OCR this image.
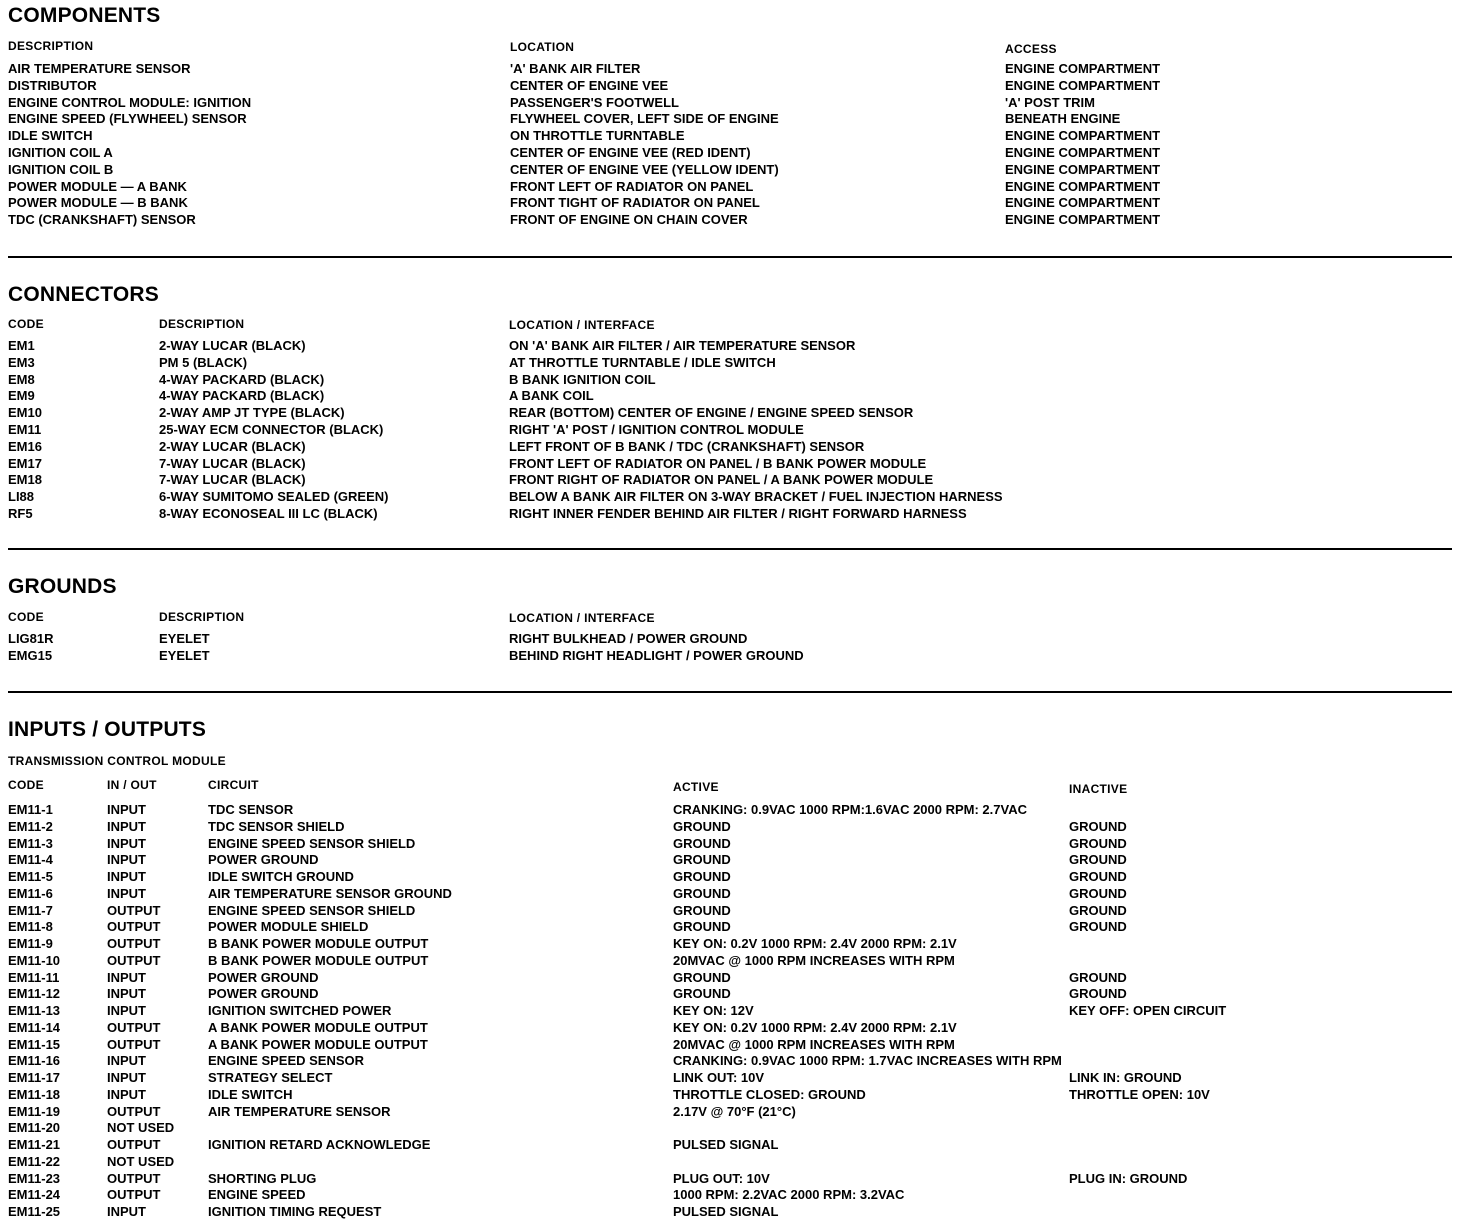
COMPONENTS
DESCRIPTION	LOCATION	ACCESS
AIR TEMPERATURE SENSOR	'A' BANK AIR FILTER	ENGINE COMPARTMENT
DISTRIBUTOR	CENTER OF ENGINE VEE	ENGINE COMPARTMENT
ENGINE CONTROL MODULE: IGNITION	PASSENGER'S FOOTWELL	'A' POST TRIM
ENGINE SPEED (FLYWHEEL) SENSOR	FLYWHEEL COVER, LEFT SIDE OF ENGINE	BENEATH ENGINE
IDLE SWITCH	ON THROTTLE TURNTABLE	ENGINE COMPARTMENT
IGNITION COIL A	CENTER OF ENGINE VEE (RED IDENT)	ENGINE COMPARTMENT
IGNITION COIL B	CENTER OF ENGINE VEE (YELLOW IDENT)	ENGINE COMPARTMENT
POWER MODULE — A BANK	FRONT LEFT OF RADIATOR ON PANEL	ENGINE COMPARTMENT
POWER MODULE — B BANK	FRONT TIGHT OF RADIATOR ON PANEL	ENGINE COMPARTMENT
TDC (CRANKSHAFT) SENSOR	FRONT OF ENGINE ON CHAIN COVER	ENGINE COMPARTMENT
CONNECTORS
CODE	DESCRIPTION	LOCATION / INTERFACE
EM1	2-WAY LUCAR (BLACK)	ON 'A' BANK AIR FILTER / AIR TEMPERATURE SENSOR
EM3	PM 5 (BLACK)	AT THROTTLE TURNTABLE / IDLE SWITCH
EM8	4-WAY PACKARD (BLACK)	B BANK IGNITION COIL
EM9	4-WAY PACKARD (BLACK)	A BANK COIL
EM10	2-WAY AMP JT TYPE (BLACK)	REAR (BOTTOM) CENTER OF ENGINE / ENGINE SPEED SENSOR
EM11	25-WAY ECM CONNECTOR (BLACK)	RIGHT 'A' POST / IGNITION CONTROL MODULE
EM16	2-WAY LUCAR (BLACK)	LEFT FRONT OF B BANK / TDC (CRANKSHAFT) SENSOR
EM17	7-WAY LUCAR (BLACK)	FRONT LEFT OF RADIATOR ON PANEL / B BANK POWER MODULE
EM18	7-WAY LUCAR (BLACK)	FRONT RIGHT OF RADIATOR ON PANEL / A BANK POWER MODULE
LI88	6-WAY SUMITOMO SEALED (GREEN)	BELOW A BANK AIR FILTER ON 3-WAY BRACKET / FUEL INJECTION HARNESS
RF5	8-WAY ECONOSEAL III LC (BLACK)	RIGHT INNER FENDER BEHIND AIR FILTER / RIGHT FORWARD HARNESS
GROUNDS
CODE	DESCRIPTION	LOCATION / INTERFACE
LIG81R	EYELET	RIGHT BULKHEAD / POWER GROUND
EMG15	EYELET	BEHIND RIGHT HEADLIGHT / POWER GROUND
INPUTS / OUTPUTS
TRANSMISSION CONTROL MODULE
CODE	IN / OUT	CIRCUIT	ACTIVE	INACTIVE
EM11-1	INPUT	TDC SENSOR	CRANKING: 0.9VAC 1000 RPM:1.6VAC 2000 RPM: 2.7VAC
EM11-2	INPUT	TDC SENSOR SHIELD	GROUND	GROUND
EM11-3	INPUT	ENGINE SPEED SENSOR SHIELD	GROUND	GROUND
EM11-4	INPUT	POWER GROUND	GROUND	GROUND
EM11-5	INPUT	IDLE SWITCH GROUND	GROUND	GROUND
EM11-6	INPUT	AIR TEMPERATURE SENSOR GROUND	GROUND	GROUND
EM11-7	OUTPUT	ENGINE SPEED SENSOR SHIELD	GROUND	GROUND
EM11-8	OUTPUT	POWER MODULE SHIELD	GROUND	GROUND
EM11-9	OUTPUT	B BANK POWER MODULE OUTPUT	KEY ON: 0.2V 1000 RPM: 2.4V 2000 RPM: 2.1V
EM11-10	OUTPUT	B BANK POWER MODULE OUTPUT	20MVAC @ 1000 RPM INCREASES WITH RPM
EM11-11	INPUT	POWER GROUND	GROUND	GROUND
EM11-12	INPUT	POWER GROUND	GROUND	GROUND
EM11-13	INPUT	IGNITION SWITCHED POWER	KEY ON: 12V	KEY OFF: OPEN CIRCUIT
EM11-14	OUTPUT	A BANK POWER MODULE OUTPUT	KEY ON: 0.2V 1000 RPM: 2.4V 2000 RPM: 2.1V
EM11-15	OUTPUT	A BANK POWER MODULE OUTPUT	20MVAC @ 1000 RPM INCREASES WITH RPM
EM11-16	INPUT	ENGINE SPEED SENSOR	CRANKING: 0.9VAC 1000 RPM: 1.7VAC INCREASES WITH RPM
EM11-17	INPUT	STRATEGY SELECT	LINK OUT: 10V	LINK IN: GROUND
EM11-18	INPUT	IDLE SWITCH	THROTTLE CLOSED: GROUND	THROTTLE OPEN: 10V
EM11-19	OUTPUT	AIR TEMPERATURE SENSOR	2.17V @ 70°F (21°C)
EM11-20	NOT USED
EM11-21	OUTPUT	IGNITION RETARD ACKNOWLEDGE	PULSED SIGNAL
EM11-22	NOT USED
EM11-23	OUTPUT	SHORTING PLUG	PLUG OUT: 10V	PLUG IN: GROUND
EM11-24	OUTPUT	ENGINE SPEED	1000 RPM: 2.2VAC 2000 RPM: 3.2VAC
EM11-25	INPUT	IGNITION TIMING REQUEST	PULSED SIGNAL
